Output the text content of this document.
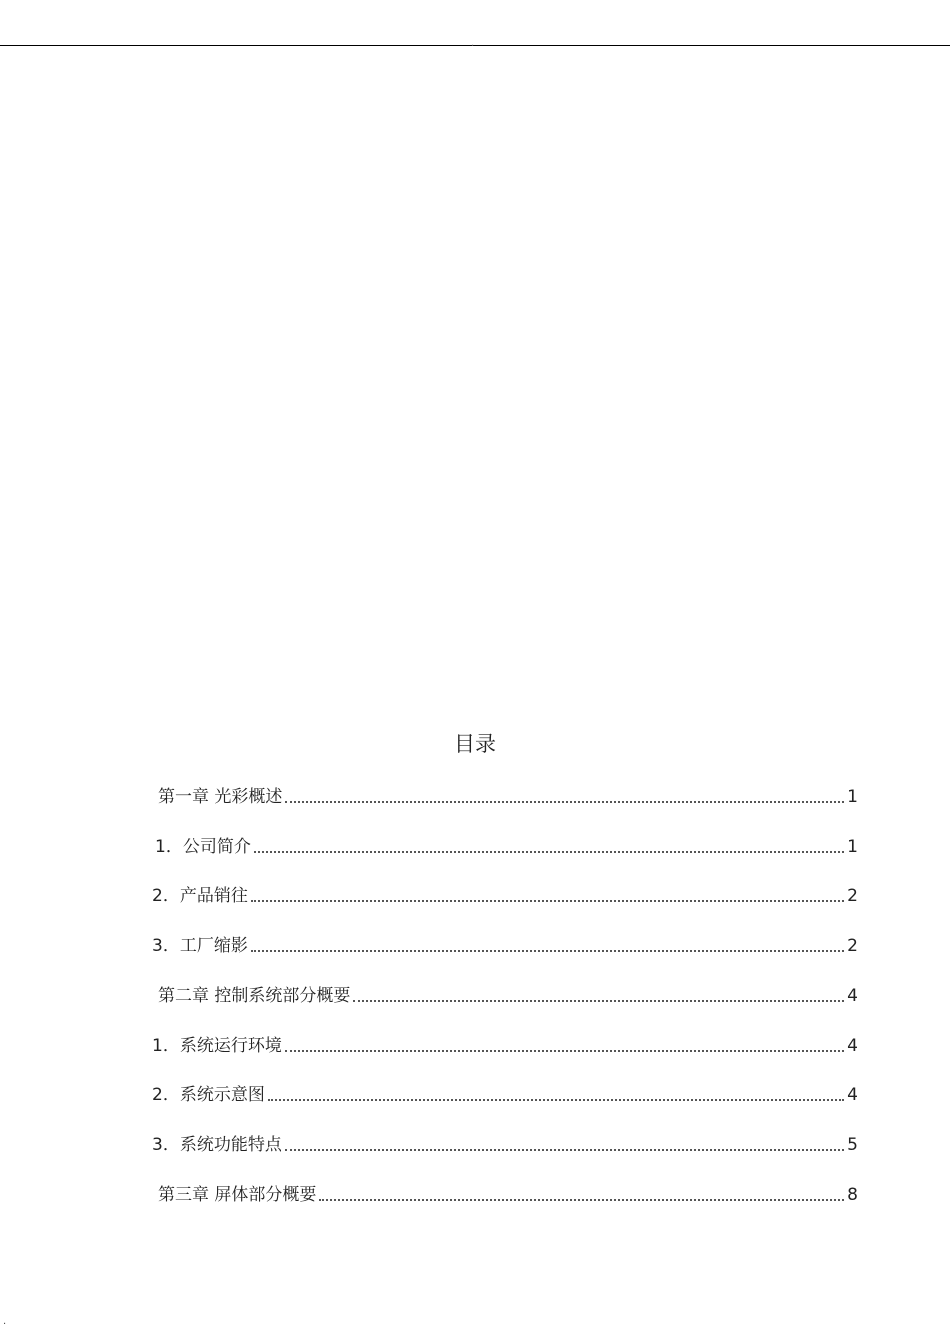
.
目录
第一章 光彩概述	1
1．公司简介	1
2．产品销往	2
3．工厂缩影	2
第二章 控制系统部分概要	4
1．系统运行环境	4
2．系统示意图	4
3．系统功能特点	5
第三章 屏体部分概要	8
.
